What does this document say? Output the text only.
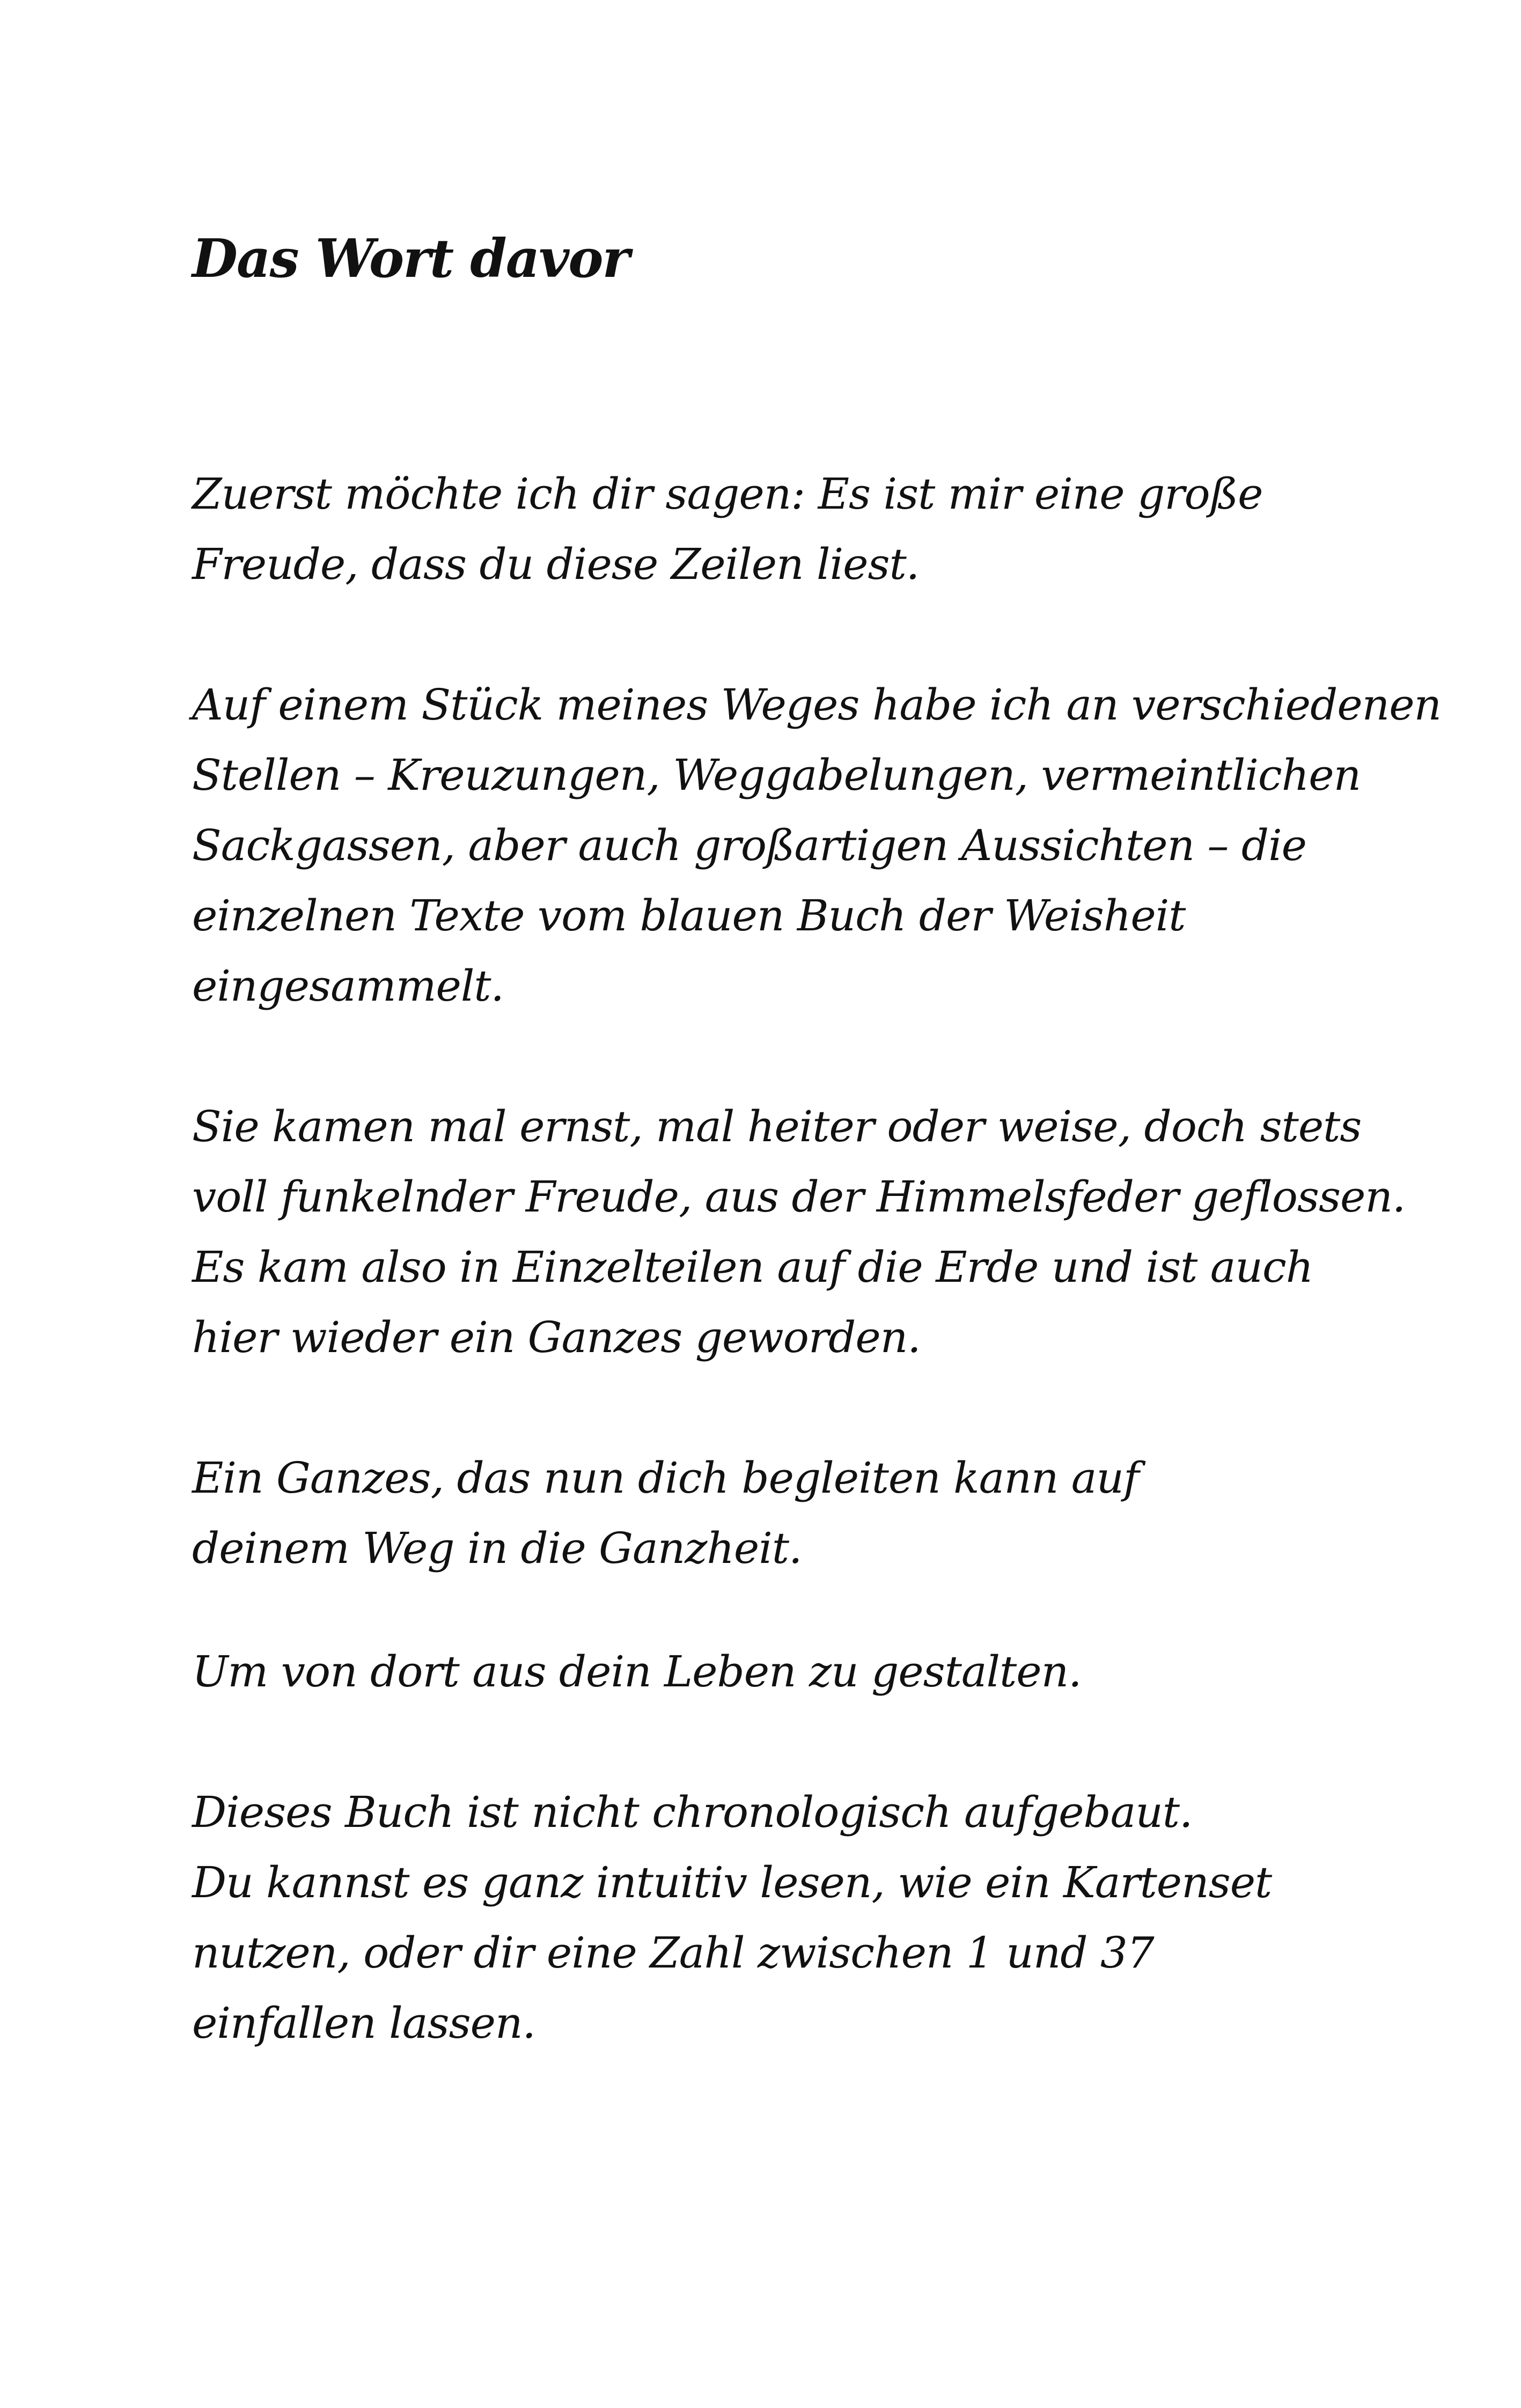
Das Wort davor

Zuerst möchte ich dir sagen: Es ist mir eine große
Freude, dass du diese Zeilen liest.

Auf einem Stück meines Weges habe ich an verschiedenen
Stellen – Kreuzungen, Weggabelungen, vermeintlichen
Sackgassen, aber auch großartigen Aussichten – die
einzelnen Texte vom blauen Buch der Weisheit
eingesammelt.

Sie kamen mal ernst, mal heiter oder weise, doch stets
voll funkelnder Freude, aus der Himmelsfeder geflossen.
Es kam also in Einzelteilen auf die Erde und ist auch
hier wieder ein Ganzes geworden.

Ein Ganzes, das nun dich begleiten kann auf
deinem Weg in die Ganzheit.

Um von dort aus dein Leben zu gestalten.

Dieses Buch ist nicht chronologisch aufgebaut.
Du kannst es ganz intuitiv lesen, wie ein Kartenset
nutzen, oder dir eine Zahl zwischen 1 und 37
einfallen lassen.
